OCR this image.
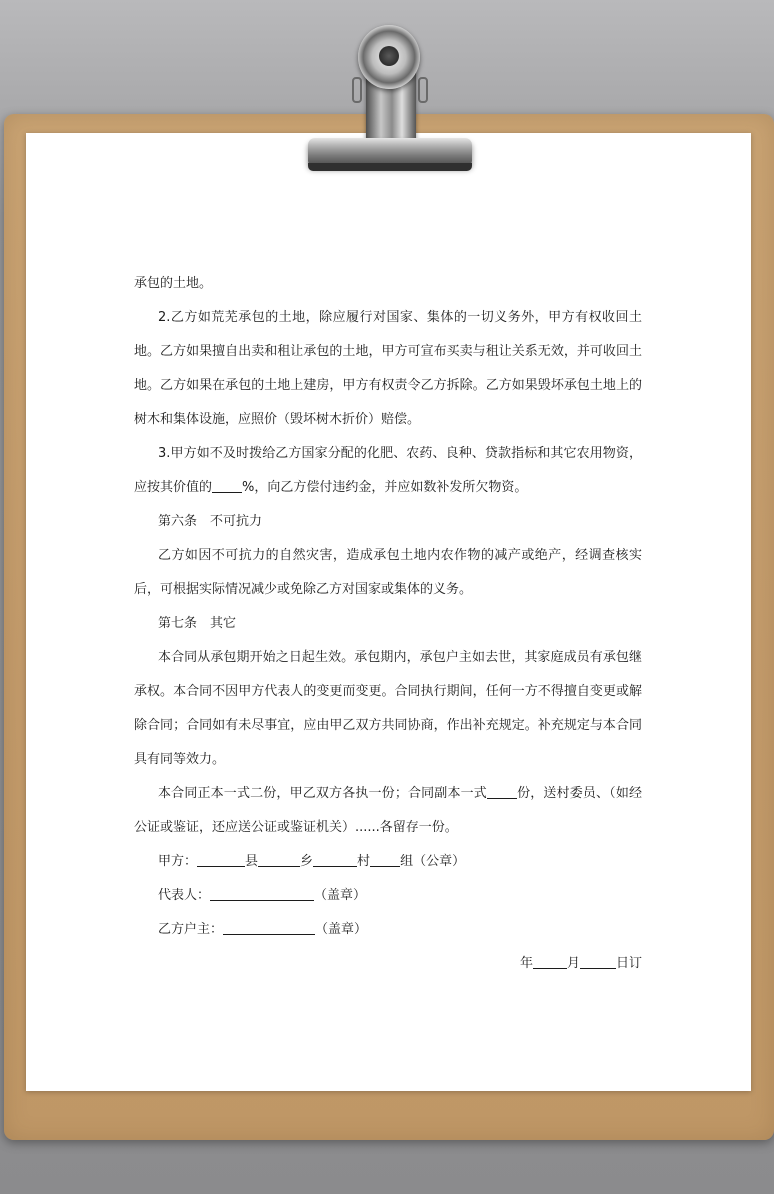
承包的土地。

2.乙方如荒芜承包的土地，除应履行对国家、集体的一切义务外，甲方有权收回土地。乙方如果擅自出卖和租让承包的土地，甲方可宣布买卖与租让关系无效，并可收回土地。乙方如果在承包的土地上建房，甲方有权责令乙方拆除。乙方如果毁坏承包土地上的树木和集体设施，应照价（毁坏树木折价）赔偿。

3.甲方如不及时拨给乙方国家分配的化肥、农药、良种、贷款指标和其它农用物资，应按其价值的 %，向乙方偿付违约金，并应如数补发所欠物资。

第六条　不可抗力

乙方如因不可抗力的自然灾害，造成承包土地内农作物的减产或绝产，经调查核实后，可根据实际情况减少或免除乙方对国家或集体的义务。

第七条　其它

本合同从承包期开始之日起生效。承包期内，承包户主如去世，其家庭成员有承包继承权。本合同不因甲方代表人的变更而变更。合同执行期间，任何一方不得擅自变更或解除合同；合同如有未尽事宜，应由甲乙双方共同协商，作出补充规定。补充规定与本合同具有同等效力。

本合同正本一式二份，甲乙双方各执一份；合同副本一式 份，送村委员、（如经公证或鉴证，还应送公证或鉴证机关）......各留存一份。

甲方：	县	乡	村 组（公章）

代表人：	（盖章）

乙方户主：	（盖章）

年	月	日订
